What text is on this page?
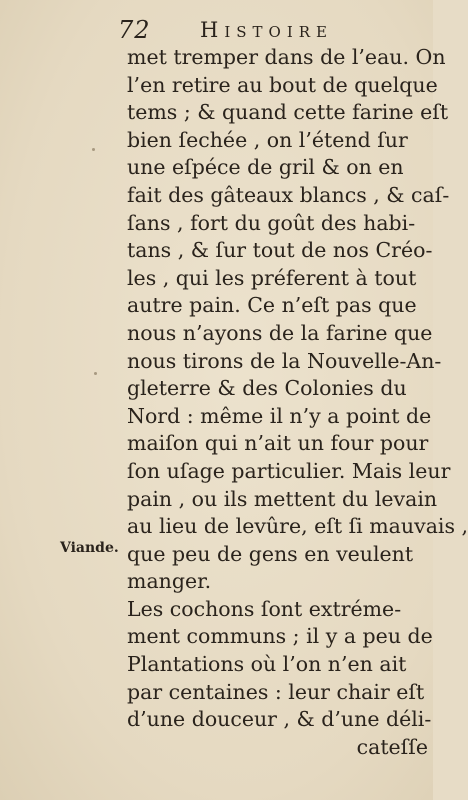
72 Histoire
Viande.
met tremper dans de l’eau. On
l’en retire au bout de quelque
tems ; & quand cette farine eſt
bien ſechée , on l’étend ſur
une eſpéce de gril & on en
fait des gâteaux blancs , & caſ-
ſans , fort du goût des habi-
tans , & ſur tout de nos Créo-
les , qui les préferent à tout
autre pain. Ce n’eſt pas que
nous n’ayons de la farine que
nous tirons de la Nouvelle-An-
gleterre & des Colonies du
Nord : même il n’y a point de
maiſon qui n’ait un four pour
ſon uſage particulier. Mais leur
pain , ou ils mettent du levain
au lieu de levûre, eſt ſi mauvais ,
que peu de gens en veulent
manger.
Les cochons ſont extréme-
ment communs ; il y a peu de
Plantations où l’on n’en ait
par centaines : leur chair eſt
d’une douceur , & d’une déli-
cateſſe
